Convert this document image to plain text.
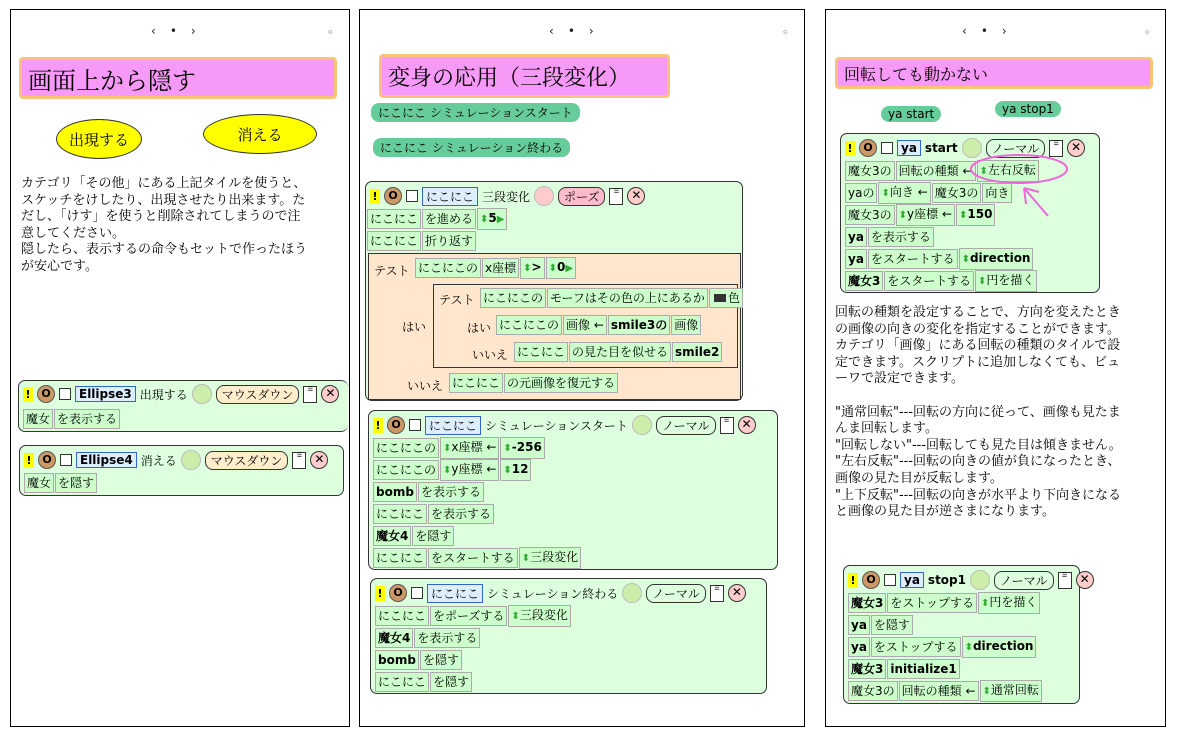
‹•›	◦
画面上から隠す
出現する	消える
カテゴリ「その他」にある上記タイルを使うと、
スケッチをけしたり、出現させたり出来ます。た
だし、「けす」を使うと削除されてしまうので注
意してください。
隠したら、表示するの命令もセットで作ったほう
が安心です。
! O	Ellipse3 出現する	マウスダウン	☰	✕
魔女 を表示する
! O	Ellipse4 消える	マウスダウン	☰	✕
魔女 を隠す
‹•›	◦
変身の応用（三段変化）
にこにこ シミュレーションスタート
にこにこ シミュレーション終わる
! O	にこにこ 三段変化	ポーズ	☰	✕
にこにこ を進める ⬍5▶
にこにこ 折り返す
テスト にこにこの x座標 ⬍> ⬍0▶
はい
テスト にこにこの モーフはその色の上にあるか	色
はい にこにこの 画像 ← smile3の 画像
いいえ にこにこ の見た目を似せる smile2
いいえ にこにこ の元画像を復元する
! O	にこにこ シミュレーションスタート	ノーマル	☰	✕
にこにこの ⬍x座標 ← ⬍-256
にこにこの ⬍y座標 ← ⬍12
bomb を表示する
にこにこ を表示する
魔女4 を隠す
にこにこ をスタートする ⬍三段変化
! O	にこにこ シミュレーション終わる	ノーマル	☰	✕
にこにこ をポーズする ⬍三段変化
魔女4 を表示する
bomb を隠す
にこにこ を隠す
‹•›	◦
回転しても動かない
ya start	ya stop1
! O	ya start	ノーマル	☰	✕
魔女3の 回転の種類 ← ⬍左右反転
yaの ⬍向き ← 魔女3の 向き
魔女3の ⬍y座標 ← ⬍150
ya を表示する
ya をスタートする ⬍direction
魔女3 をスタートする ⬍円を描く
回転の種類を設定することで、方向を変えたとき
の画像の向きの変化を指定することができます。
カテゴリ「画像」にある回転の種類のタイルで設
定できます。スクリプトに追加しなくても、ビュ
ーワで設定できます。

"通常回転"---回転の方向に従って、画像も見たま
んま回転します。
"回転しない"---回転しても見た目は傾きません。
"左右反転"---回転の向きの値が負になったとき、
画像の見た目が反転します。
"上下反転"---回転の向きが水平より下向きになる
と画像の見た目が逆さまになります。
! O	ya stop1	ノーマル	☰	✕
魔女3 をストップする ⬍円を描く
ya を隠す
ya をストップする ⬍direction
魔女3 initialize1
魔女3の 回転の種類 ← ⬍通常回転
